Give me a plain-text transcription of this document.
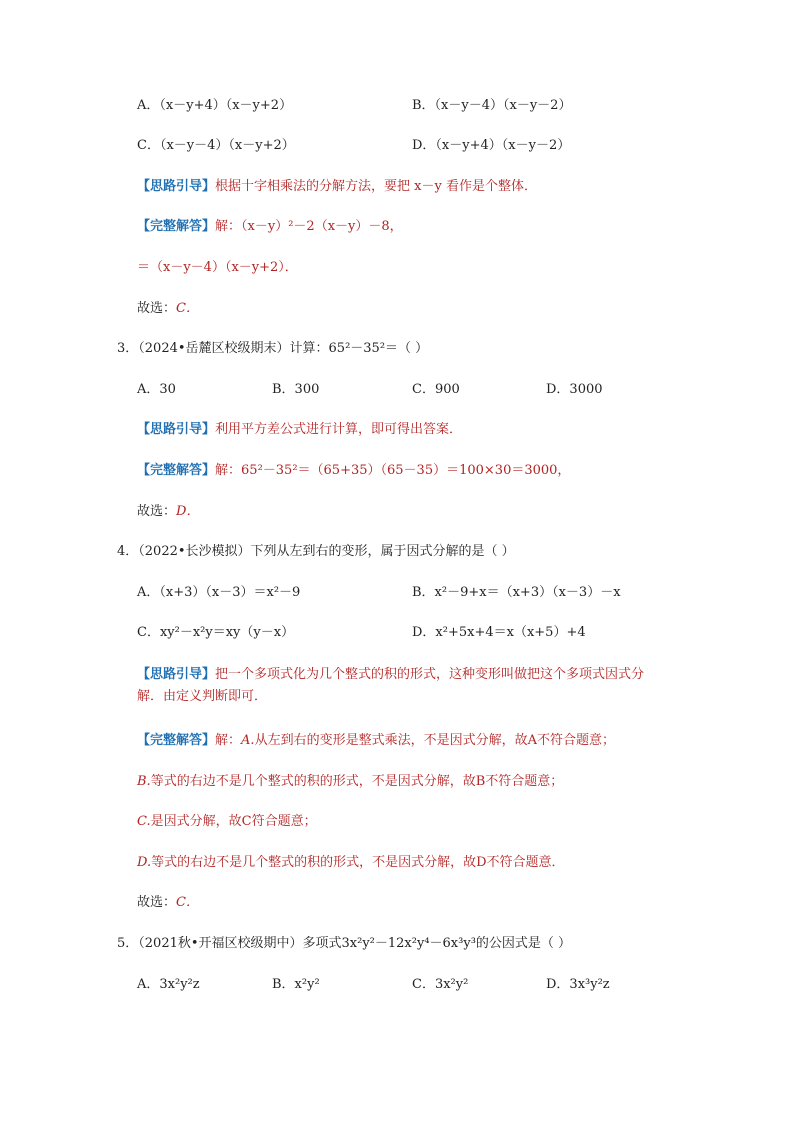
A．（x－y+4）（x－y+2）	B．（x－y－4）（x－y－2）
C．（x－y－4）（x－y+2）	D．（x－y+4）（x－y－2）
【思路引导】根据十字相乘法的分解方法，要把 x－y 看作是个整体．
【完整解答】解：（x－y）²－2（x－y）－8，
＝（x－y－4）（x－y+2）．
故选：C．
3．（2024•岳麓区校级期末）计算：65²－35²＝（ ）
A．30	B．300	C．900	D．3000
【思路引导】利用平方差公式进行计算，即可得出答案．
【完整解答】解：65²－35²＝（65+35）（65－35）＝100×30＝3000，
故选：D．
4．（2022•长沙模拟）下列从左到右的变形，属于因式分解的是（ ）
A．（x+3）（x－3）＝x²－9	B．x²－9+x＝（x+3）（x－3）－x
C．xy²－x²y＝xy（y－x）	D．x²+5x+4＝x（x+5）+4
【思路引导】把一个多项式化为几个整式的积的形式，这种变形叫做把这个多项式因式分解．由定义判断即可．
【完整解答】解：A.从左到右的变形是整式乘法，不是因式分解，故A不符合题意；
B.等式的右边不是几个整式的积的形式，不是因式分解，故B不符合题意；
C.是因式分解，故C符合题意；
D.等式的右边不是几个整式的积的形式，不是因式分解，故D不符合题意．
故选：C．
5．（2021秋•开福区校级期中）多项式3x²y²－12x²y⁴－6x³y³的公因式是（ ）
A．3x²y²z	B．x²y²	C．3x²y²	D．3x³y²z
